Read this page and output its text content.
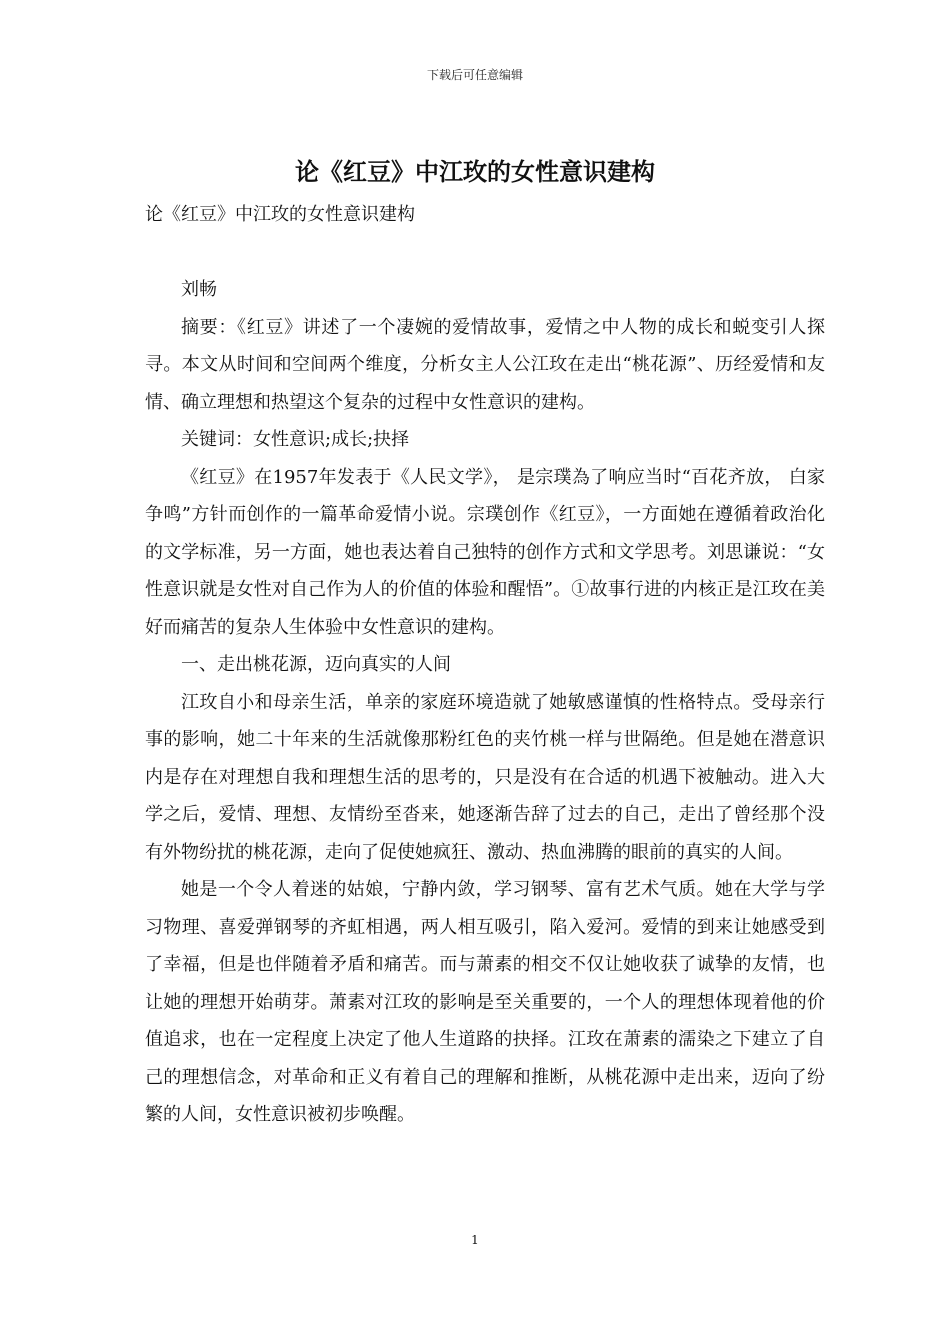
下载后可任意编辑
论《红豆》中江玫的女性意识建构

论《红豆》中江玫的女性意识建构

刘畅

摘要：《红豆》讲述了一个凄婉的爱情故事，爱情之中人物的成长和蜕变引人探寻。本文从时间和空间两个维度，分析女主人公江玫在走出“桃花源”、历经爱情和友情、确立理想和热望这个复杂的过程中女性意识的建构。

关键词：女性意识;成长;抉择

《红豆》在1957年发表于《人民文学》， 是宗璞為了响应当时“百花齐放， 白家争鸣”方针而创作的一篇革命爱情小说。宗璞创作《红豆》，一方面她在遵循着政治化的文学标准，另一方面，她也表达着自己独特的创作方式和文学思考。刘思谦说：“女性意识就是女性对自己作为人的价值的体验和醒悟”。①故事行进的内核正是江玫在美好而痛苦的复杂人生体验中女性意识的建构。

一、走出桃花源，迈向真实的人间

江玫自小和母亲生活，单亲的家庭环境造就了她敏感谨慎的性格特点。受母亲行事的影响，她二十年来的生活就像那粉红色的夹竹桃一样与世隔绝。但是她在潜意识内是存在对理想自我和理想生活的思考的，只是没有在合适的机遇下被触动。进入大学之后，爱情、理想、友情纷至沓来，她逐渐告辞了过去的自己，走出了曾经那个没有外物纷扰的桃花源，走向了促使她疯狂、激动、热血沸腾的眼前的真实的人间。

她是一个令人着迷的姑娘，宁静内敛，学习钢琴、富有艺术气质。她在大学与学习物理、喜爱弹钢琴的齐虹相遇，两人相互吸引，陷入爱河。爱情的到来让她感受到了幸福，但是也伴随着矛盾和痛苦。而与萧素的相交不仅让她收获了诚挚的友情，也让她的理想开始萌芽。萧素对江玫的影响是至关重要的，一个人的理想体现着他的价值追求，也在一定程度上决定了他人生道路的抉择。江玫在萧素的濡染之下建立了自己的理想信念，对革命和正义有着自己的理解和推断，从桃花源中走出来，迈向了纷繁的人间，女性意识被初步唤醒。

1
